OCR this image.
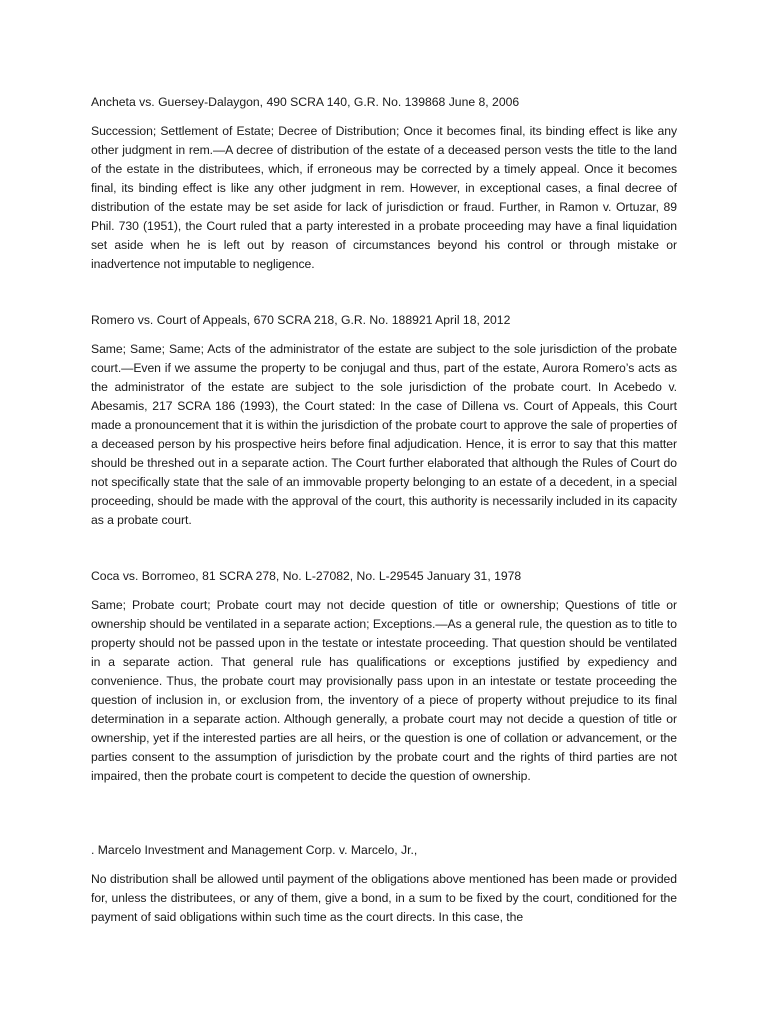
Ancheta vs. Guersey-Dalaygon, 490 SCRA 140, G.R. No. 139868 June 8, 2006

Succession; Settlement of Estate; Decree of Distribution; Once it becomes final, its binding effect is like any other judgment in rem.—A decree of distribution of the estate of a deceased person vests the title to the land of the estate in the distributees, which, if erroneous may be corrected by a timely appeal. Once it becomes final, its binding effect is like any other judgment in rem. However, in exceptional cases, a final decree of distribution of the estate may be set aside for lack of jurisdiction or fraud. Further, in Ramon v. Ortuzar, 89 Phil. 730 (1951), the Court ruled that a party interested in a probate proceeding may have a final liquidation set aside when he is left out by reason of circumstances beyond his control or through mistake or inadvertence not imputable to negligence.

Romero vs. Court of Appeals, 670 SCRA 218, G.R. No. 188921 April 18, 2012

Same; Same; Same; Acts of the administrator of the estate are subject to the sole jurisdiction of the probate court.—Even if we assume the property to be conjugal and thus, part of the estate, Aurora Romero’s acts as the administrator of the estate are subject to the sole jurisdiction of the probate court. In Acebedo v. Abesamis, 217 SCRA 186 (1993), the Court stated: In the case of Dillena vs. Court of Appeals, this Court made a pronouncement that it is within the jurisdiction of the probate court to approve the sale of properties of a deceased person by his prospective heirs before final adjudication. Hence, it is error to say that this matter should be threshed out in a separate action. The Court further elaborated that although the Rules of Court do not specifically state that the sale of an immovable property belonging to an estate of a decedent, in a special proceeding, should be made with the approval of the court, this authority is necessarily included in its capacity as a probate court.

Coca vs. Borromeo, 81 SCRA 278, No. L-27082, No. L-29545 January 31, 1978

Same; Probate court; Probate court may not decide question of title or ownership; Questions of title or ownership should be ventilated in a separate action; Exceptions.—As a general rule, the question as to title to property should not be passed upon in the testate or intestate proceeding. That question should be ventilated in a separate action. That general rule has qualifications or exceptions justified by expediency and convenience. Thus, the probate court may provisionally pass upon in an intestate or testate proceeding the question of inclusion in, or exclusion from, the inventory of a piece of property without prejudice to its final determination in a separate action. Although generally, a probate court may not decide a question of title or ownership, yet if the interested parties are all heirs, or the question is one of collation or advancement, or the parties consent to the assumption of jurisdiction by the probate court and the rights of third parties are not impaired, then the probate court is competent to decide the question of ownership.

. Marcelo Investment and Management Corp. v. Marcelo, Jr.,

No distribution shall be allowed until payment of the obligations above mentioned has been made or provided for, unless the distributees, or any of them, give a bond, in a sum to be fixed by the court, conditioned for the payment of said obligations within such time as the court directs. In this case, the
